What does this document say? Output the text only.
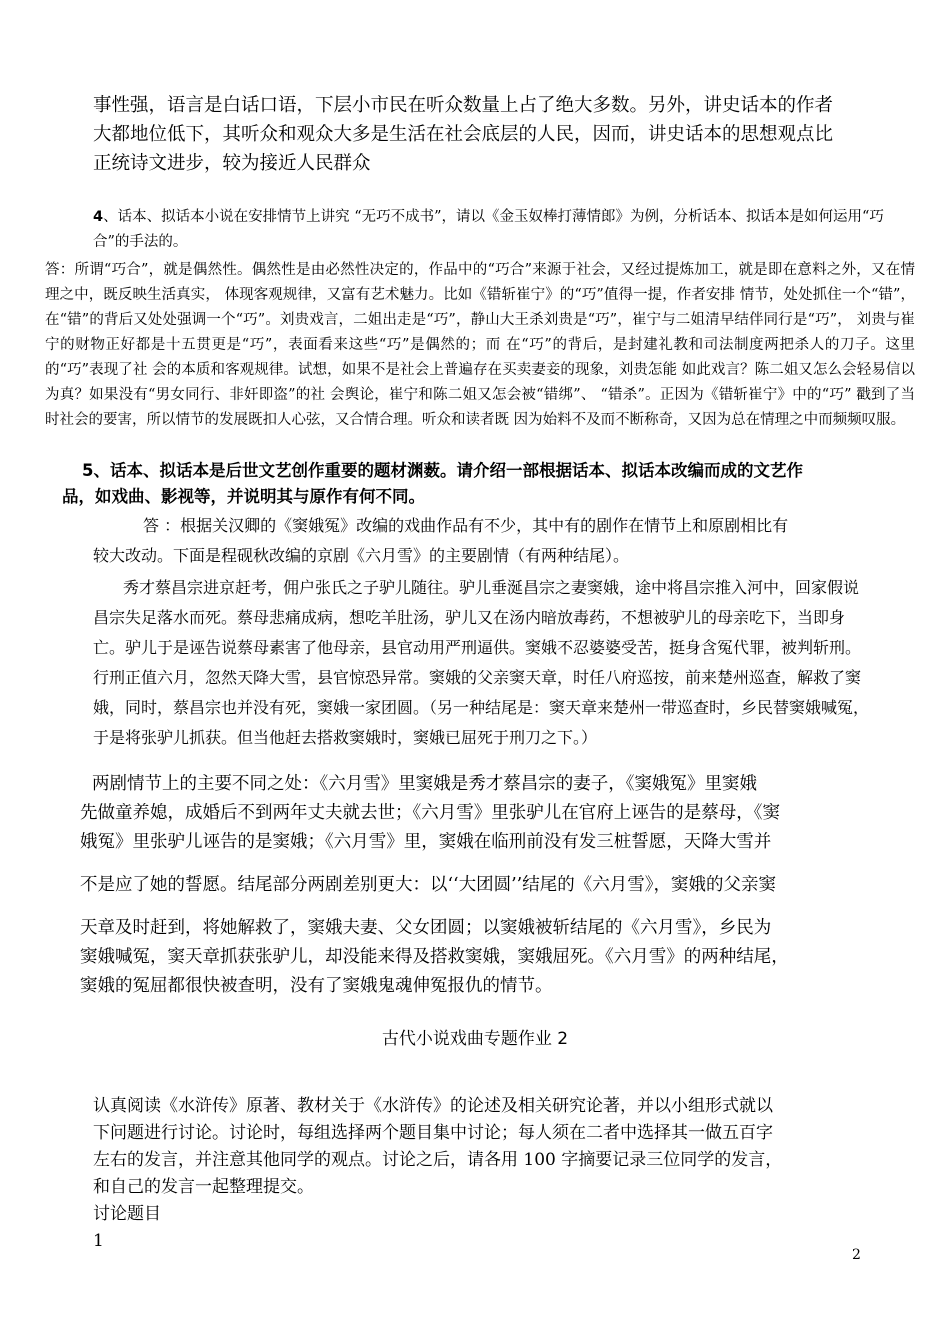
事性强，语言是白话口语，下层小市民在听众数量上占了绝大多数。另外，讲史话本的作者
大都地位低下，其听众和观众大多是生活在社会底层的人民，因而，讲史话本的思想观点比
正统诗文进步，较为接近人民群众

4、话本、拟话本小说在安排情节上讲究 “无巧不成书”，请以《金玉奴棒打薄情郎》为例，分析话本、拟话本是如何运用“巧合”的手法的。

答：所谓“巧合”，就是偶然性。偶然性是由必然性决定的，作品中的“巧合”来源于社会，又经过提炼加工，就是即在意料之外，又在情理之中，既反映生活真实， 体现客观规律，又富有艺术魅力。比如《错斩崔宁》的“巧”值得一提，作者安排 情节，处处抓住一个“错”，在“错”的背后又处处强调一个“巧”。刘贵戏言，二姐出走是“巧”，静山大王杀刘贵是“巧”，崔宁与二姐清早结伴同行是“巧”， 刘贵与崔宁的财物正好都是十五贯更是“巧”，表面看来这些“巧”是偶然的；而 在“巧”的背后，是封建礼教和司法制度两把杀人的刀子。这里的“巧”表现了社 会的本质和客观规律。试想，如果不是社会上普遍存在买卖妻妾的现象，刘贵怎能 如此戏言？陈二姐又怎么会轻易信以为真？如果没有“男女同行、非奸即盗”的社 会舆论，崔宁和陈二姐又怎会被“错绑”、 “错杀”。正因为《错斩崔宁》中的“巧” 戳到了当时社会的要害，所以情节的发展既扣人心弦，又合情合理。听众和读者既 因为始料不及而不断称奇，又因为总在情理之中而频频叹服。

5、话本、拟话本是后世文艺创作重要的题材渊薮。请介绍一部根据话本、拟话本改编而成的文艺作
品，如戏曲、影视等，并说明其与原作有何不同。
答 ：根据关汉卿的《窦娥冤》改编的戏曲作品有不少，其中有的剧作在情节上和原剧相比有
较大改动。下面是程砚秋改编的京剧《六月雪》的主要剧情（有两种结尾）。

秀才蔡昌宗进京赶考，佣户张氏之子驴儿随往。驴儿垂涎昌宗之妻窦娥，途中将昌宗推入河中，回家假说昌宗失足落水而死。蔡母悲痛成病，想吃羊肚汤，驴儿又在汤内暗放毒药，不想被驴儿的母亲吃下，当即身亡。驴儿于是诬告说蔡母素害了他母亲，县官动用严刑逼供。窦娥不忍婆婆受苦，挺身含冤代罪，被判斩刑。行刑正值六月，忽然天降大雪，县官惊恐异常。窦娥的父亲窦天章，时任八府巡按，前来楚州巡查，解救了窦娥，同时，蔡昌宗也并没有死，窦娥一家团圆。（另一种结尾是：窦天章来楚州一带巡查时，乡民替窦娥喊冤，于是将张驴儿抓获。但当他赶去搭救窦娥时，窦娥已屈死于刑刀之下。）

两剧情节上的主要不同之处：《六月雪》里窦娥是秀才蔡昌宗的妻子，《窦娥冤》里窦娥
先做童养媳，成婚后不到两年丈夫就去世；《六月雪》里张驴儿在官府上诬告的是蔡母，《窦
娥冤》里张驴儿诬告的是窦娥；《六月雪》里，窦娥在临刑前没有发三桩誓愿，天降大雪并
不是应了她的誓愿。结尾部分两剧差别更大：以‘‘大团圆’’结尾的《六月雪》，窦娥的父亲窦
天章及时赶到，将她解救了，窦娥夫妻、父女团圆；以窦娥被斩结尾的《六月雪》，乡民为
窦娥喊冤，窦天章抓获张驴儿，却没能来得及搭救窦娥，窦娥屈死。《六月雪》的两种结尾，
窦娥的冤屈都很快被查明，没有了窦娥鬼魂伸冤报仇的情节。
古代小说戏曲专题作业 2
认真阅读《水浒传》原著、教材关于《水浒传》的论述及相关研究论著，并以小组形式就以
下问题进行讨论。讨论时，每组选择两个题目集中讨论；每人须在二者中选择其一做五百字
左右的发言，并注意其他同学的观点。讨论之后，请各用 100 字摘要记录三位同学的发言，
和自己的发言一起整理提交。
讨论题目
1
2
